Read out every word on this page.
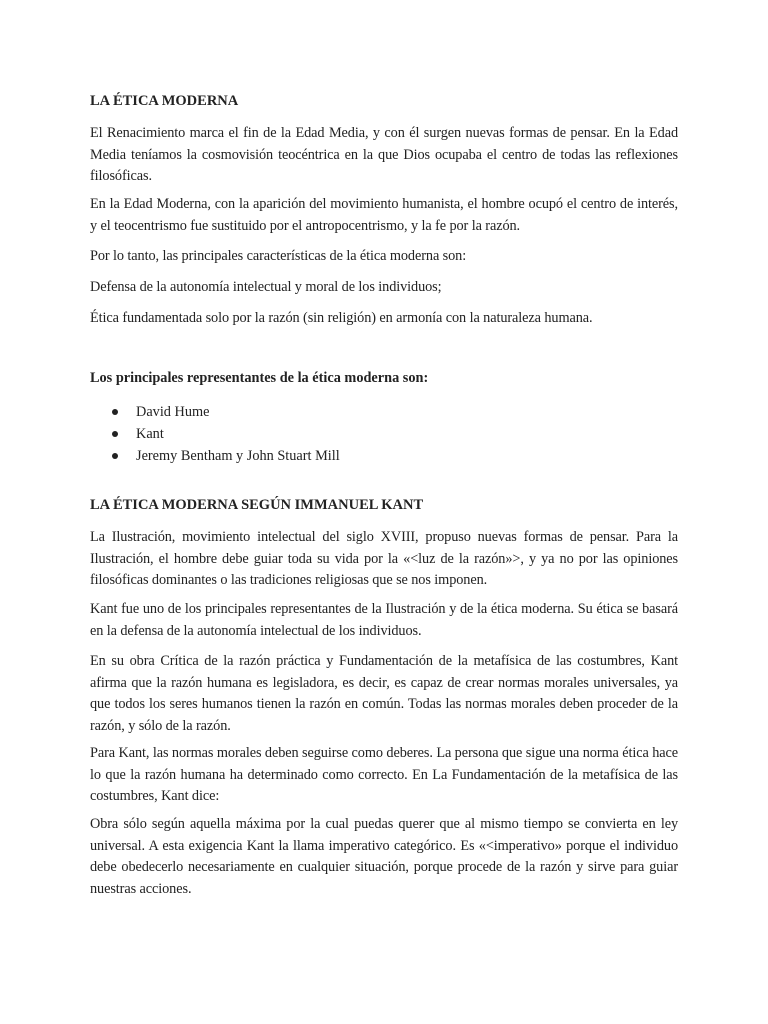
LA ÉTICA MODERNA

El Renacimiento marca el fin de la Edad Media, y con él surgen nuevas formas de pensar. En la Edad Media teníamos la cosmovisión teocéntrica en la que Dios ocupaba el centro de todas las reflexiones filosóficas.

En la Edad Moderna, con la aparición del movimiento humanista, el hombre ocupó el centro de interés, y el teocentrismo fue sustituido por el antropocentrismo, y la fe por la razón.

Por lo tanto, las principales características de la ética moderna son:

Defensa de la autonomía intelectual y moral de los individuos;

Ética fundamentada solo por la razón (sin religión) en armonía con la naturaleza humana.

Los principales representantes de la ética moderna son:
David Hume
Kant
Jeremy Bentham y John Stuart Mill
LA ÉTICA MODERNA SEGÚN IMMANUEL KANT

La Ilustración, movimiento intelectual del siglo XVIII, propuso nuevas formas de pensar. Para la Ilustración, el hombre debe guiar toda su vida por la «<luz de la razón»>, y ya no por las opiniones filosóficas dominantes o las tradiciones religiosas que se nos imponen.

Kant fue uno de los principales representantes de la Ilustración y de la ética moderna. Su ética se basará en la defensa de la autonomía intelectual de los individuos.

En su obra Crítica de la razón práctica y Fundamentación de la metafísica de las costumbres, Kant afirma que la razón humana es legisladora, es decir, es capaz de crear normas morales universales, ya que todos los seres humanos tienen la razón en común. Todas las normas morales deben proceder de la razón, y sólo de la razón.

Para Kant, las normas morales deben seguirse como deberes. La persona que sigue una norma ética hace lo que la razón humana ha determinado como correcto. En La Fundamentación de la metafísica de las costumbres, Kant dice:

Obra sólo según aquella máxima por la cual puedas querer que al mismo tiempo se convierta en ley universal. A esta exigencia Kant la llama imperativo categórico. Es «<imperativo» porque el individuo debe obedecerlo necesariamente en cualquier situación, porque procede de la razón y sirve para guiar nuestras acciones.
